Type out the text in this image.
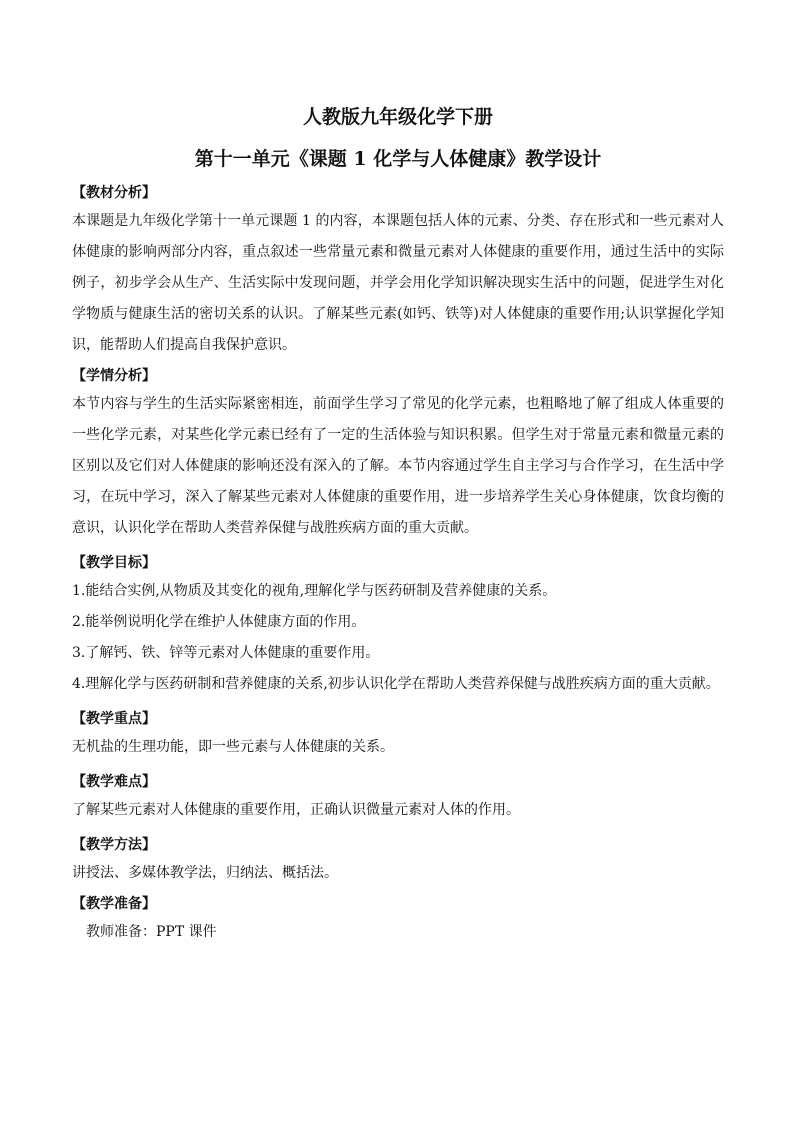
人教版九年级化学下册
第十一单元《课题 1 化学与人体健康》教学设计
【教材分析】
本课题是九年级化学第十一单元课题 1 的内容，本课题包括人体的元素、分类、存在形式和一些元素对人体健康的影响两部分内容，重点叙述一些常量元素和微量元素对人体健康的重要作用，通过生活中的实际例子，初步学会从生产、生活实际中发现问题，并学会用化学知识解决现实生活中的问题，促进学生对化学物质与健康生活的密切关系的认识。了解某些元素(如钙、铁等)对人体健康的重要作用;认识掌握化学知识，能帮助人们提高自我保护意识。
【学情分析】
本节内容与学生的生活实际紧密相连，前面学生学习了常见的化学元素，也粗略地了解了组成人体重要的一些化学元素，对某些化学元素已经有了一定的生活体验与知识积累。但学生对于常量元素和微量元素的区别以及它们对人体健康的影响还没有深入的了解。本节内容通过学生自主学习与合作学习，在生活中学习，在玩中学习，深入了解某些元素对人体健康的重要作用，进一步培养学生关心身体健康，饮食均衡的意识，认识化学在帮助人类营养保健与战胜疾病方面的重大贡献。
【教学目标】
1.能结合实例,从物质及其变化的视角,理解化学与医药研制及营养健康的关系。
2.能举例说明化学在维护人体健康方面的作用。
3.了解钙、铁、锌等元素对人体健康的重要作用。
4.理解化学与医药研制和营养健康的关系,初步认识化学在帮助人类营养保健与战胜疾病方面的重大贡献。
【教学重点】
无机盐的生理功能，即一些元素与人体健康的关系。
【教学难点】
了解某些元素对人体健康的重要作用，正确认识微量元素对人体的作用。
【教学方法】
讲授法、多媒体教学法，归纳法、概括法。
【教学准备】
教师准备：PPT 课件
